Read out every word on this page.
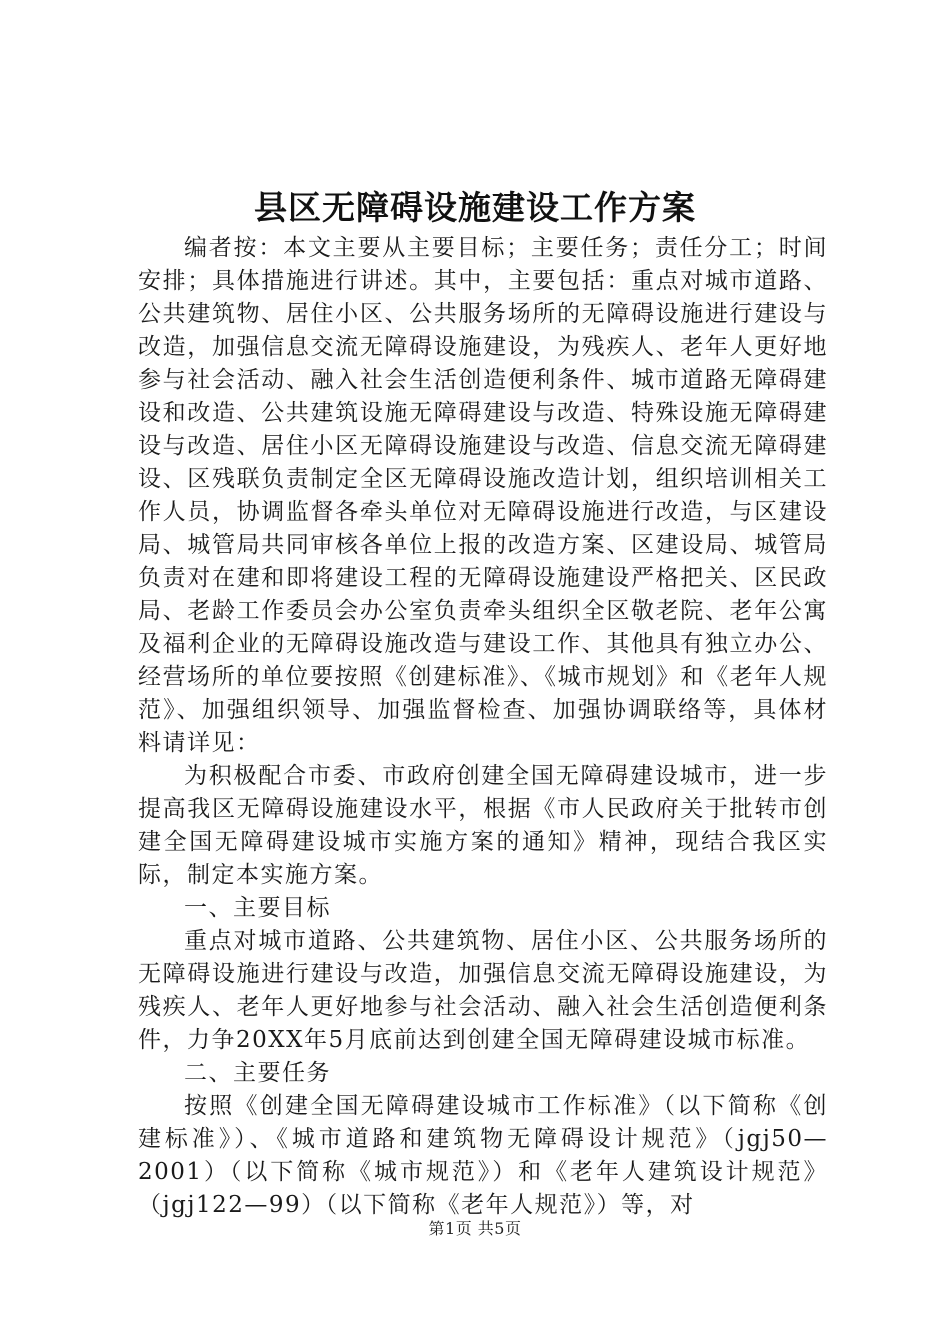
县区无障碍设施建设工作方案

编者按：本文主要从主要目标；主要任务；责任分工；时间安排；具体措施进行讲述。其中，主要包括：重点对城市道路、公共建筑物、居住小区、公共服务场所的无障碍设施进行建设与改造，加强信息交流无障碍设施建设，为残疾人、老年人更好地参与社会活动、融入社会生活创造便利条件、城市道路无障碍建设和改造、公共建筑设施无障碍建设与改造、特殊设施无障碍建设与改造、居住小区无障碍设施建设与改造、信息交流无障碍建设、区残联负责制定全区无障碍设施改造计划，组织培训相关工作人员，协调监督各牵头单位对无障碍设施进行改造，与区建设局、城管局共同审核各单位上报的改造方案、区建设局、城管局负责对在建和即将建设工程的无障碍设施建设严格把关、区民政局、老龄工作委员会办公室负责牵头组织全区敬老院、老年公寓及福利企业的无障碍设施改造与建设工作、其他具有独立办公、经营场所的单位要按照《创建标准》、《城市规划》和《老年人规范》、加强组织领导、加强监督检查、加强协调联络等，具体材料请详见：

为积极配合市委、市政府创建全国无障碍建设城市，进一步提高我区无障碍设施建设水平，根据《市人民政府关于批转市创建全国无障碍建设城市实施方案的通知》精神，现结合我区实际，制定本实施方案。

一、主要目标

重点对城市道路、公共建筑物、居住小区、公共服务场所的无障碍设施进行建设与改造，加强信息交流无障碍设施建设，为残疾人、老年人更好地参与社会活动、融入社会生活创造便利条件，力争20XX年5月底前达到创建全国无障碍建设城市标准。

二、主要任务

按照《创建全国无障碍建设城市工作标准》（以下简称《创建标准》）、《城市道路和建筑物无障碍设计规范》（jgj50—2001）（以下简称《城市规范》）和《老年人建筑设计规范》（jgj122—99）（以下简称《老年人规范》）等，对

第1页 共5页
